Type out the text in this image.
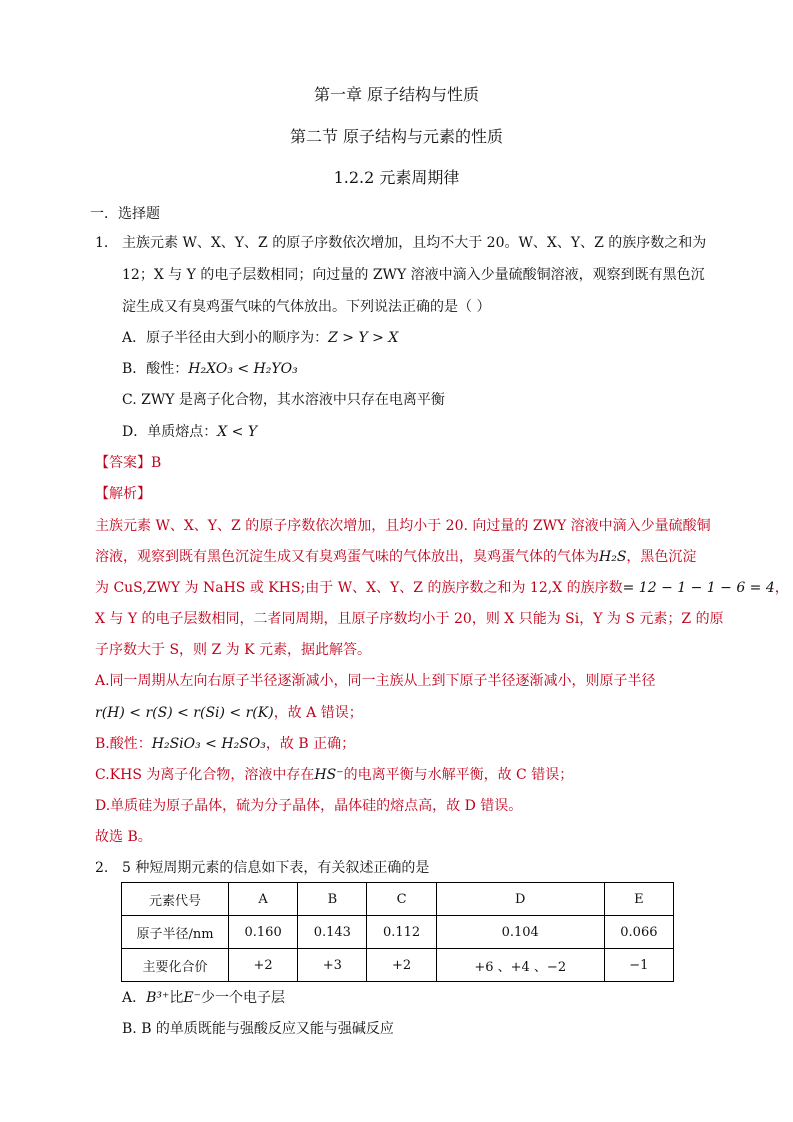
第一章 原子结构与性质
第二节 原子结构与元素的性质
1.2.2 元素周期律
一．选择题
1. 主族元素 W、X、Y、Z 的原子序数依次增加，且均不大于 20。W、X、Y、Z 的族序数之和为
12；X 与 Y 的电子层数相同；向过量的 ZWY 溶液中滴入少量硫酸铜溶液，观察到既有黑色沉
淀生成又有臭鸡蛋气味的气体放出。下列说法正确的是（ ）
A．原子半径由大到小的顺序为：Z > Y > X
B．酸性：H₂XO₃ < H₂YO₃
C. ZWY 是离子化合物，其水溶液中只存在电离平衡
D．单质熔点：X < Y
【答案】B
【解析】
主族元素 W、X、Y、Z 的原子序数依次增加，且均小于 20. 向过量的 ZWY 溶液中滴入少量硫酸铜
溶液，观察到既有黑色沉淀生成又有臭鸡蛋气味的气体放出，臭鸡蛋气体的气体为H₂S，黑色沉淀
为 CuS,ZWY 为 NaHS 或 KHS;由于 W、X、Y、Z 的族序数之和为 12,X 的族序数= 12 − 1 − 1 − 6 = 4，
X 与 Y 的电子层数相同，二者同周期，且原子序数均小于 20，则 X 只能为 Si，Y 为 S 元素；Z 的原
子序数大于 S，则 Z 为 K 元素，据此解答。
A.同一周期从左向右原子半径逐渐减小，同一主族从上到下原子半径逐渐减小，则原子半径
r(H) < r(S) < r(Si) < r(K)，故 A 错误；
B.酸性：H₂SiO₃ < H₂SO₃，故 B 正确；
C.KHS 为离子化合物，溶液中存在HS⁻的电离平衡与水解平衡，故 C 错误；
D.单质硅为原子晶体，硫为分子晶体，晶体硅的熔点高，故 D 错误。
故选 B。
2. 5 种短周期元素的信息如下表，有关叙述正确的是
元素代号	A	B	C	D	E
原子半径/nm	0.160	0.143	0.112	0.104	0.066
主要化合价	+2	+3	+2	+6 、+4 、−2	−1
A．B³⁺比E⁻少一个电子层
B. B 的单质既能与强酸反应又能与强碱反应
